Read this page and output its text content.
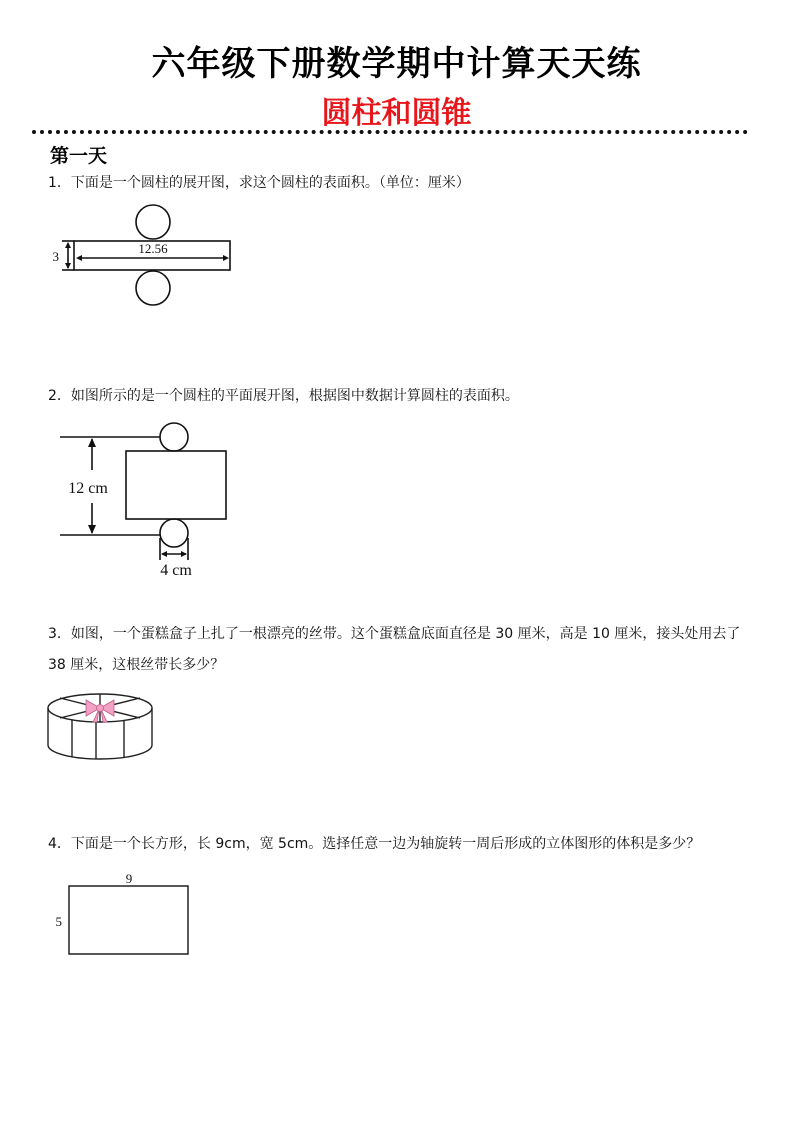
六年级下册数学期中计算天天练
圆柱和圆锥
第一天
1．下面是一个圆柱的展开图，求这个圆柱的表面积。（单位：厘米）
12.56
3
2．如图所示的是一个圆柱的平面展开图，根据图中数据计算圆柱的表面积。
12 cm
4 cm
3．如图，一个蛋糕盒子上扎了一根漂亮的丝带。这个蛋糕盒底面直径是 30 厘米，高是 10 厘米，接头处用去了 38 厘米，这根丝带长多少？
4．下面是一个长方形，长 9cm，宽 5cm。选择任意一边为轴旋转一周后形成的立体图形的体积是多少？
9
5
